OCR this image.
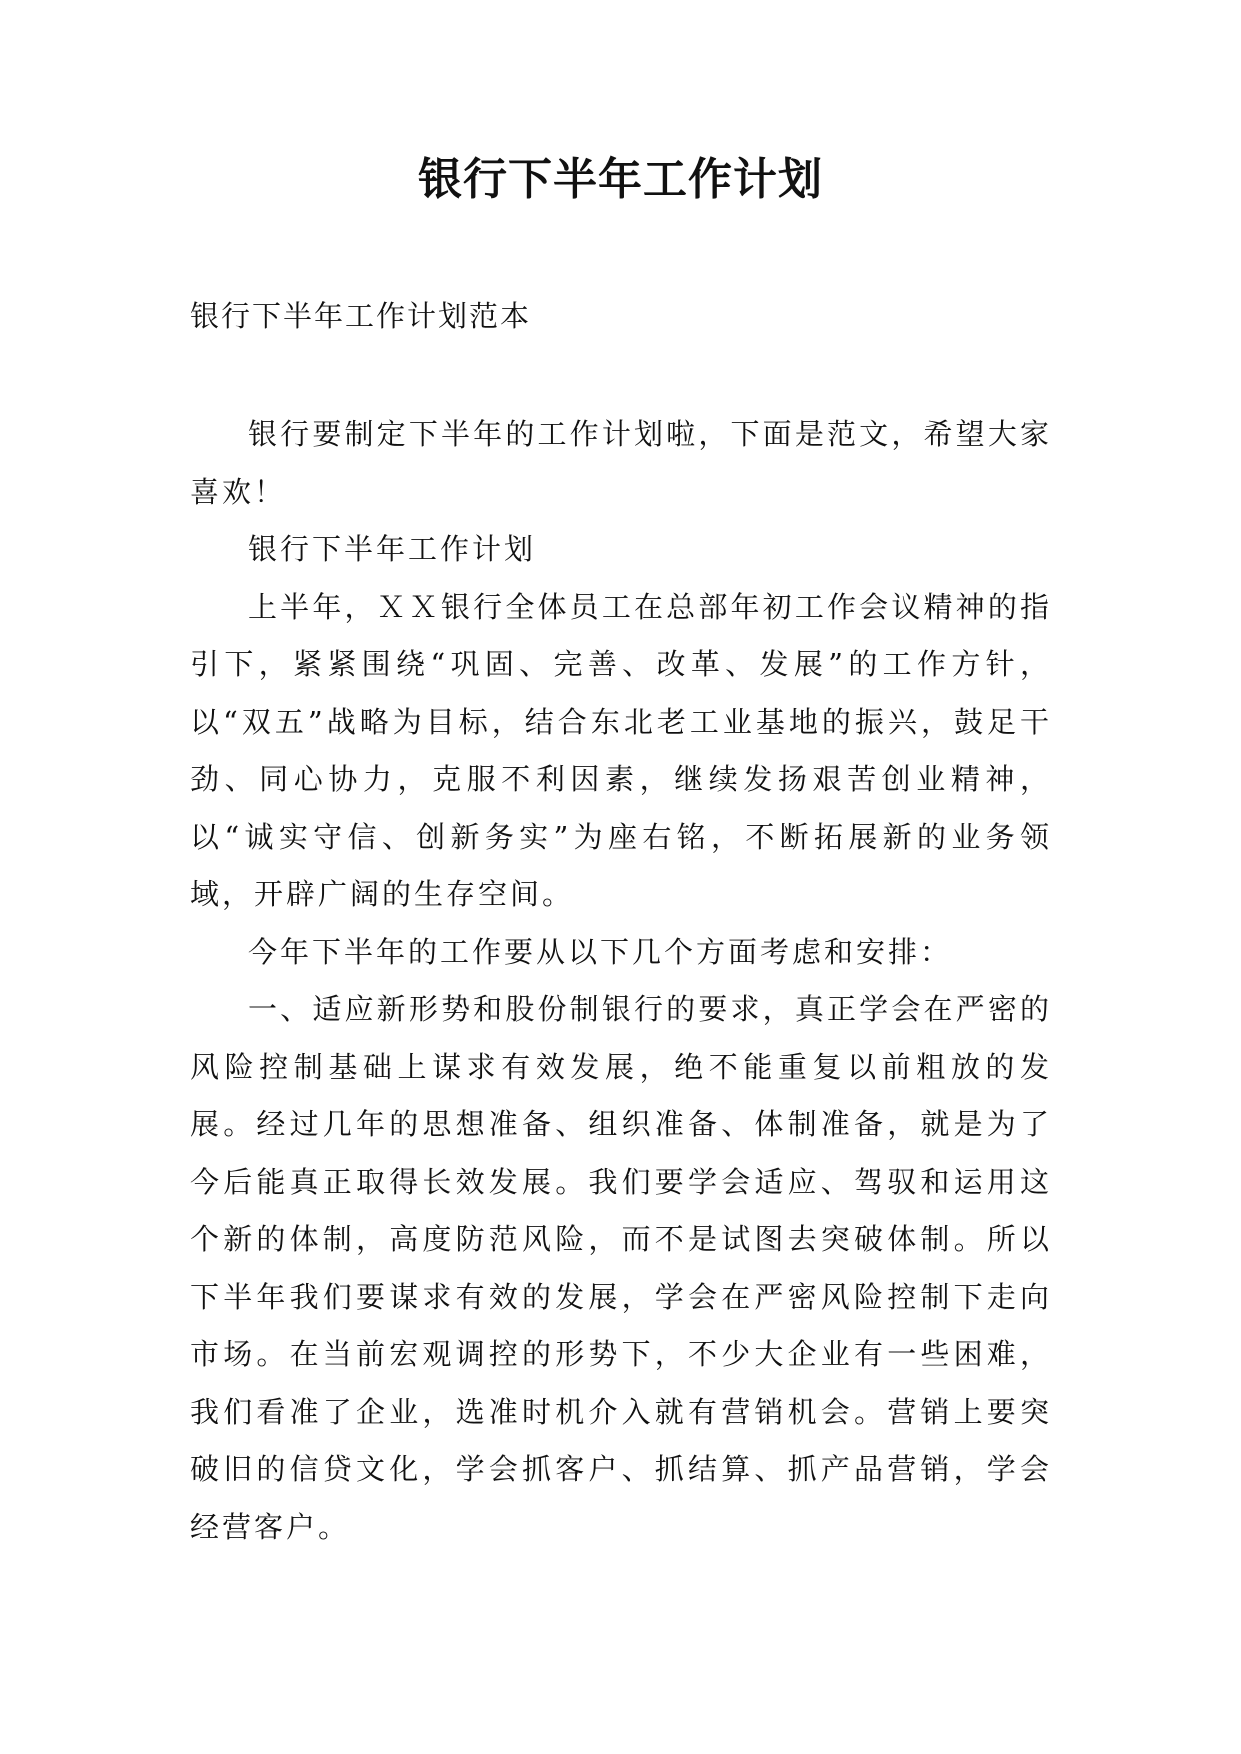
银行下半年工作计划
银行下半年工作计划范本

银行要制定下半年的工作计划啦，下面是范文，希望大家喜欢！

银行下半年工作计划

上半年，ＸＸ银行全体员工在总部年初工作会议精神的指引下，紧紧围绕“巩固、完善、改革、发展”的工作方针，以“双五”战略为目标，结合东北老工业基地的振兴，鼓足干劲、同心协力，克服不利因素，继续发扬艰苦创业精神，以“诚实守信、创新务实”为座右铭，不断拓展新的业务领域，开辟广阔的生存空间。

今年下半年的工作要从以下几个方面考虑和安排：

一、适应新形势和股份制银行的要求，真正学会在严密的风险控制基础上谋求有效发展，绝不能重复以前粗放的发展。经过几年的思想准备、组织准备、体制准备，就是为了今后能真正取得长效发展。我们要学会适应、驾驭和运用这个新的体制，高度防范风险，而不是试图去突破体制。所以下半年我们要谋求有效的发展，学会在严密风险控制下走向市场。在当前宏观调控的形势下，不少大企业有一些困难，我们看准了企业，选准时机介入就有营销机会。营销上要突破旧的信贷文化，学会抓客户、抓结算、抓产品营销，学会经营客户。
